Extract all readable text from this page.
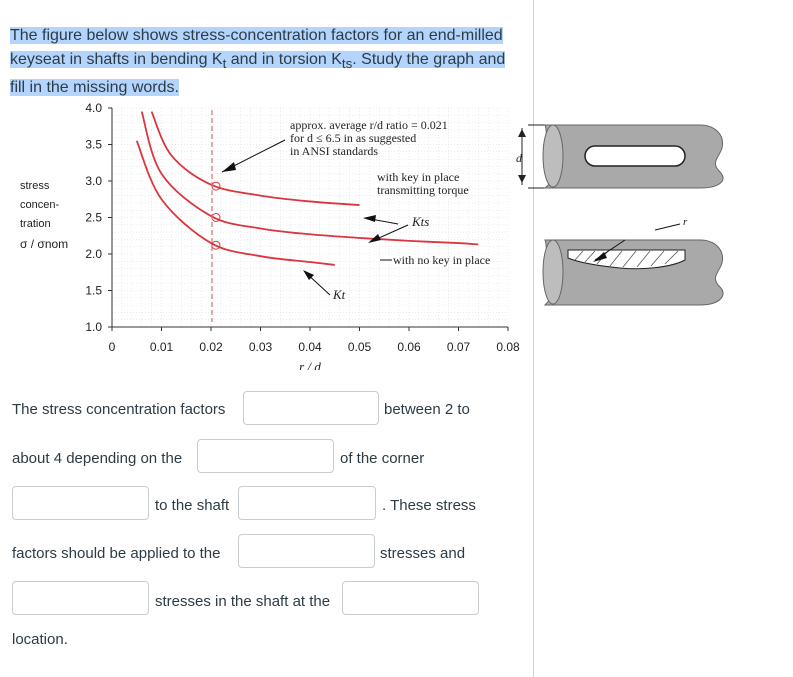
The figure below shows stress-concentration factors for an end-milled
keyseat in shafts in bending $K_t$ and in torsion $K_{ts}$. Study the graph and
fill in the missing words.
4.0
3.5
3.0
2.5
2.0
1.5
1.0
0	0.01 0.02 0.03 0.04 0.05 0.06 0.07 0.08
stress
concen-
tration
σ / σnom
r / d
approx. average r/d ratio = 0.021
for d ≤ 6.5 in as suggested
in ANSI standards
with key in place
transmitting torque
Kts
with no key in place
Kt
d
r
The stress concentration factors	between 2 to
about 4 depending on the	of the corner
to the shaft	. These stress
factors should be applied to the	stresses and
stresses in the shaft at the
location.
